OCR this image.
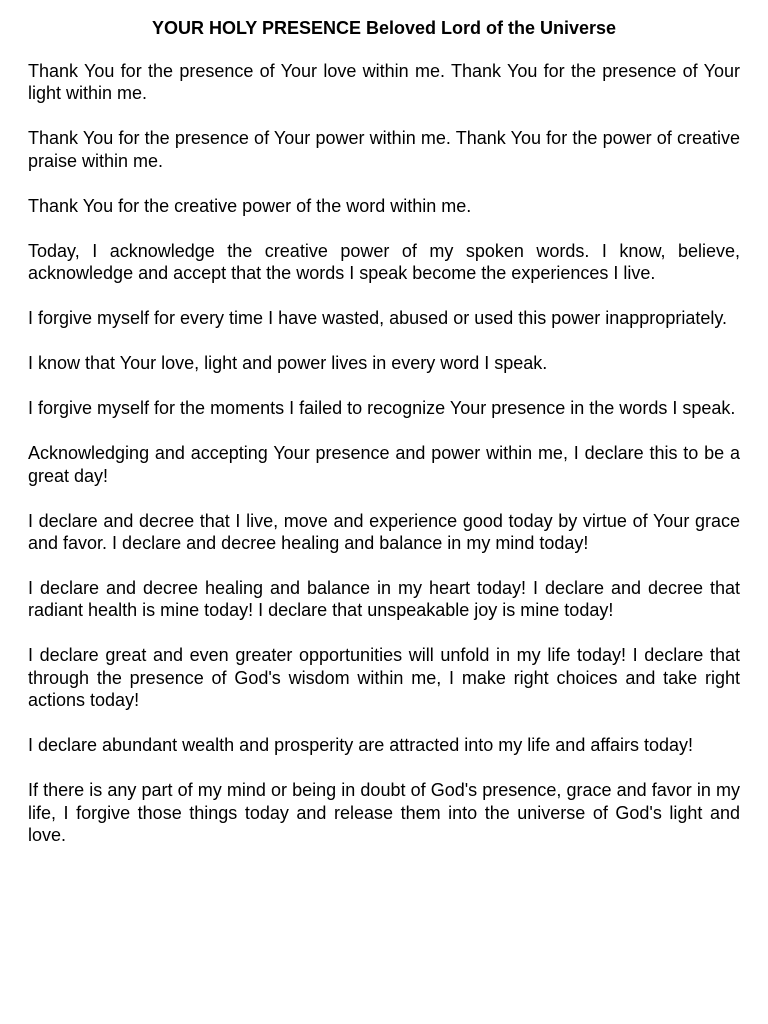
YOUR HOLY PRESENCE Beloved Lord of the Universe

Thank You for the presence of Your love within me. Thank You for the presence of Your light within me.

Thank You for the presence of Your power within me. Thank You for the power of creative praise within me.

Thank You for the creative power of the word within me.

Today, I acknowledge the creative power of my spoken words. I know, believe, acknowledge and accept that the words I speak become the experiences I live.

I forgive myself for every time I have wasted, abused or used this power inappropriately.

I know that Your love, light and power lives in every word I speak.

I forgive myself for the moments I failed to recognize Your presence in the words I speak.

Acknowledging and accepting Your presence and power within me, I declare this to be a great day!

I declare and decree that I live, move and experience good today by virtue of Your grace and favor. I declare and decree healing and balance in my mind today!

I declare and decree healing and balance in my heart today! I declare and decree that radiant health is mine today! I declare that unspeakable joy is mine today!

I declare great and even greater opportunities will unfold in my life today! I declare that through the presence of God's wisdom within me, I make right choices and take right actions today!

I declare abundant wealth and prosperity are attracted into my life and affairs today!

If there is any part of my mind or being in doubt of God's presence, grace and favor in my life, I forgive those things today and release them into the universe of God's light and love.
